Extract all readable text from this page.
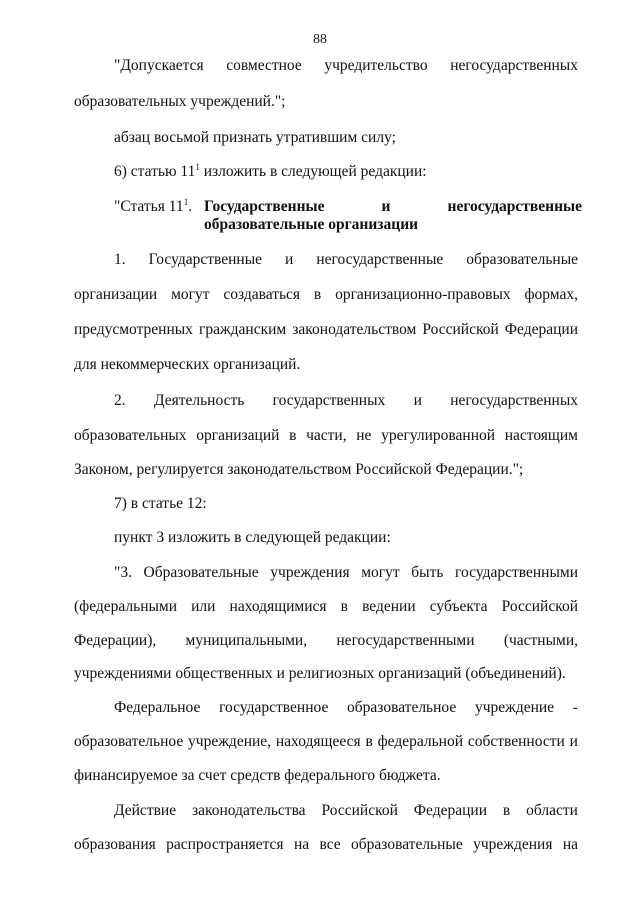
88
"Допускается совместное учредительство негосударственных
образовательных учреждений.";
абзац восьмой признать утратившим силу;
6) статью $11^1$ изложить в следующей редакции:
"Статья $11^1$. Государственные	и	негосударственные
образовательные организации
1. Государственные и негосударственные образовательные
организации могут создаваться в организационно-правовых формах,
предусмотренных гражданским законодательством Российской Федерации
для некоммерческих организаций.
2. Деятельность государственных и негосударственных
образовательных организаций в части, не урегулированной настоящим
Законом, регулируется законодательством Российской Федерации.";
7) в статье 12:
пункт 3 изложить в следующей редакции:
"3. Образовательные учреждения могут быть государственными
(федеральными или находящимися в ведении субъекта Российской
Федерации), муниципальными, негосударственными (частными,
учреждениями общественных и религиозных организаций (объединений).
Федеральное государственное образовательное учреждение -
образовательное учреждение, находящееся в федеральной собственности и
финансируемое за счет средств федерального бюджета.
Действие законодательства Российской Федерации в области
образования распространяется на все образовательные учреждения на
